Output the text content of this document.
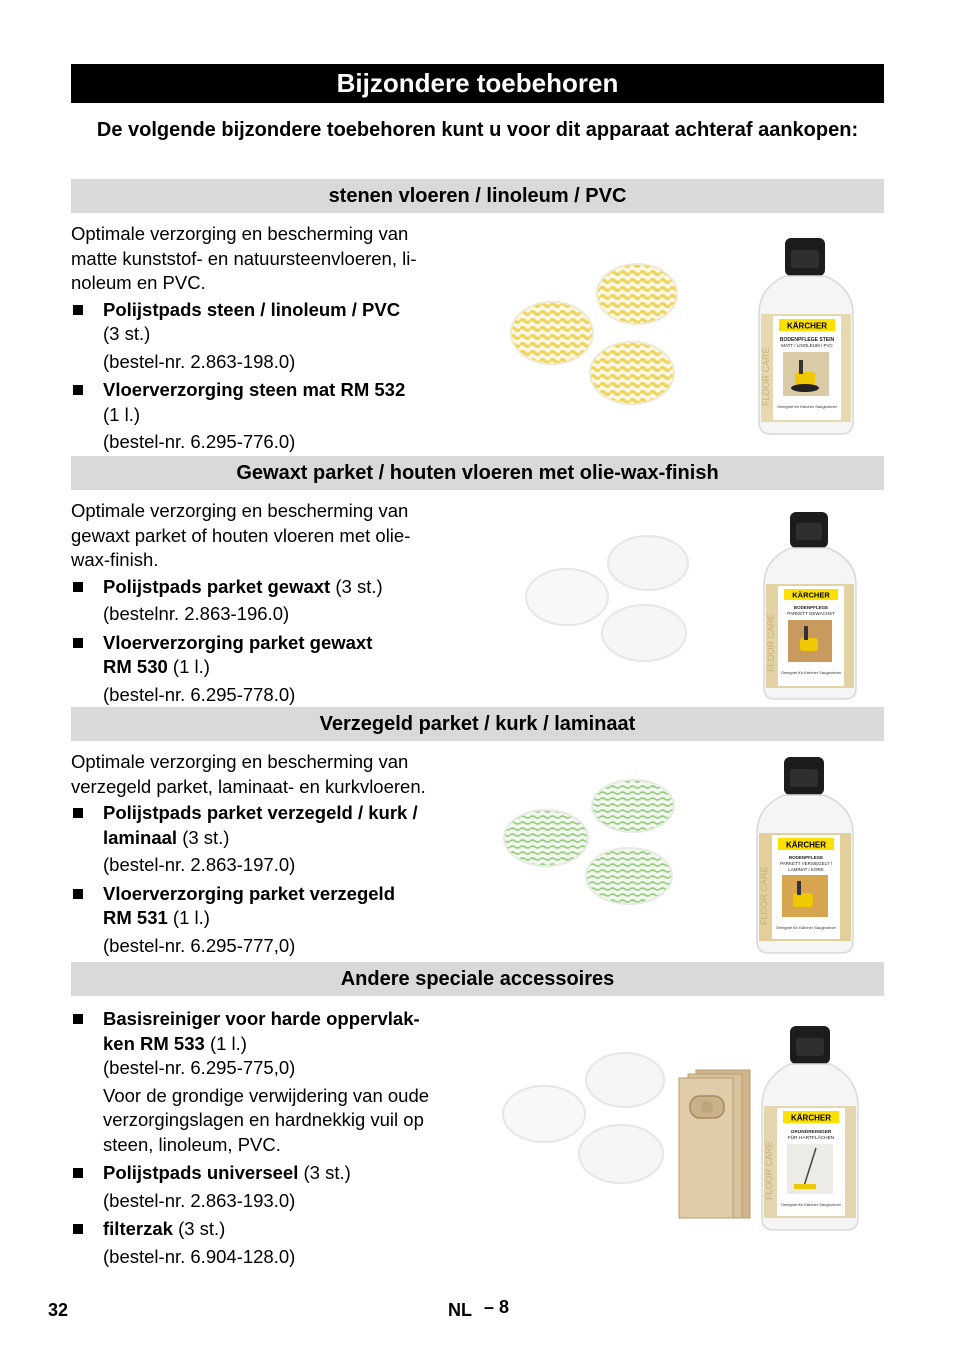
Bijzondere toebehoren
De volgende bijzondere toebehoren kunt u voor dit apparaat achteraf aankopen:
stenen vloeren / linoleum / PVC

Optimale verzorging en bescherming van

matte kunststof- en natuursteenvloeren, li-

noleum en PVC.

Polijstpads steen / linoleum / PVC
(3 st.)
(bestel-nr. 2.863-198.0)
Vloerverzorging steen mat RM 532
(1 l.)
(bestel-nr. 6.295-776.0)
KÄRCHER
BODENPFLEGE STEIN
MATT / LINOLEUM / PVC
Geeignet für Kärcher Saugbohner
FLOOR CARE
Gewaxt parket / houten vloeren met olie-wax-finish

Optimale verzorging en bescherming van

gewaxt parket of houten vloeren met olie-

wax-finish.

Polijstpads parket gewaxt (3 st.)
(bestelnr. 2.863-196.0)
Vloerverzorging parket gewaxt
RM 530 (1 l.)
(bestel-nr. 6.295-778.0)
KÄRCHER
BODENPFLEGE
PARKETT GEWACHST
Geeignet für Kärcher Saugbohner
FLOOR CARE
Verzegeld parket / kurk / laminaat

Optimale verzorging en bescherming van

verzegeld parket, laminaat- en kurkvloeren.

Polijstpads parket verzegeld / kurk /
laminaal (3 st.)
(bestel-nr. 2.863-197.0)
Vloerverzorging parket verzegeld
RM 531 (1 l.)
(bestel-nr. 6.295-777,0)
KÄRCHER
BODENPFLEGE
PARKETT VERSIEGELT /
LAMINAT / KORK
Geeignet für Kärcher Saugbohner
FLOOR CARE
Andere speciale accessoires
Basisreiniger voor harde oppervlak-
ken RM 533 (1 l.)
(bestel-nr. 6.295-775,0)
Voor de grondige verwijdering van oude
verzorgingslagen en hardnekkig vuil op
steen, linoleum, PVC.
Polijstpads universeel (3 st.)
(bestel-nr. 2.863-193.0)
filterzak (3 st.)
(bestel-nr. 6.904-128.0)
KÄRCHER
GRUNDREINIGER
FÜR HARTFLÄCHEN
Geeignet für Kärcher Saugbohner
FLOOR CARE
32	NL – 8
